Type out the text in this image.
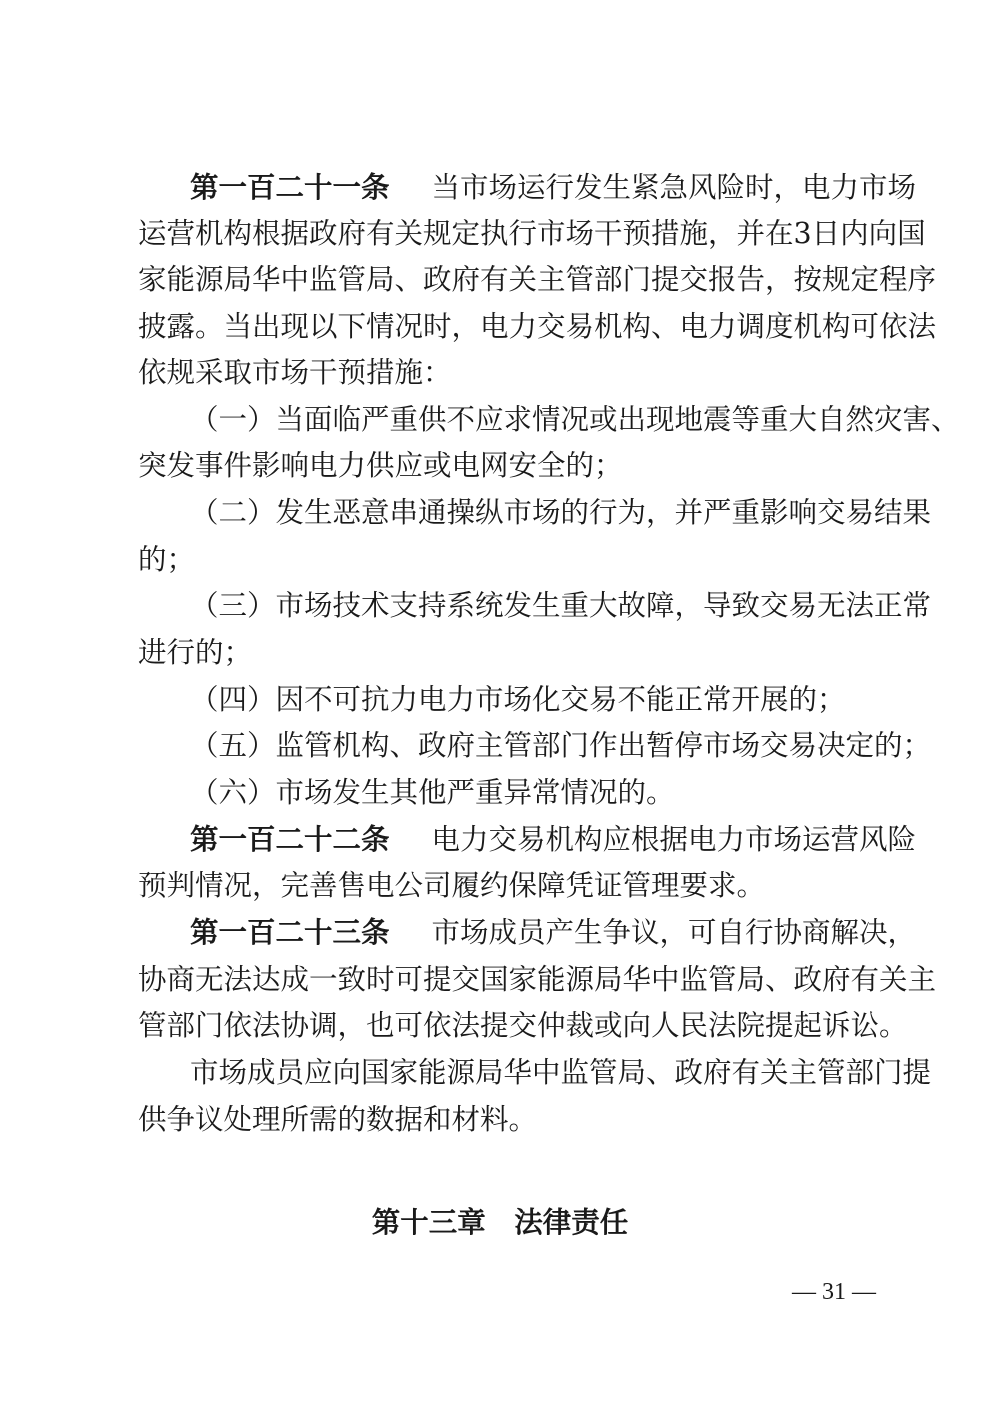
第一百二十一条 当市场运行发生紧急风险时，电力市场
运营机构根据政府有关规定执行市场干预措施，并在3日内向国
家能源局华中监管局、政府有关主管部门提交报告，按规定程序
披露。当出现以下情况时，电力交易机构、电力调度机构可依法
依规采取市场干预措施：
（一）当面临严重供不应求情况或出现地震等重大自然灾害、
突发事件影响电力供应或电网安全的；
（二）发生恶意串通操纵市场的行为，并严重影响交易结果
的；
（三）市场技术支持系统发生重大故障，导致交易无法正常
进行的；
（四）因不可抗力电力市场化交易不能正常开展的；
（五）监管机构、政府主管部门作出暂停市场交易决定的；
（六）市场发生其他严重异常情况的。
第一百二十二条 电力交易机构应根据电力市场运营风险
预判情况，完善售电公司履约保障凭证管理要求。
第一百二十三条 市场成员产生争议，可自行协商解决，
协商无法达成一致时可提交国家能源局华中监管局、政府有关主
管部门依法协调，也可依法提交仲裁或向人民法院提起诉讼。
市场成员应向国家能源局华中监管局、政府有关主管部门提
供争议处理所需的数据和材料。
第十三章　法律责任
— 31 —
